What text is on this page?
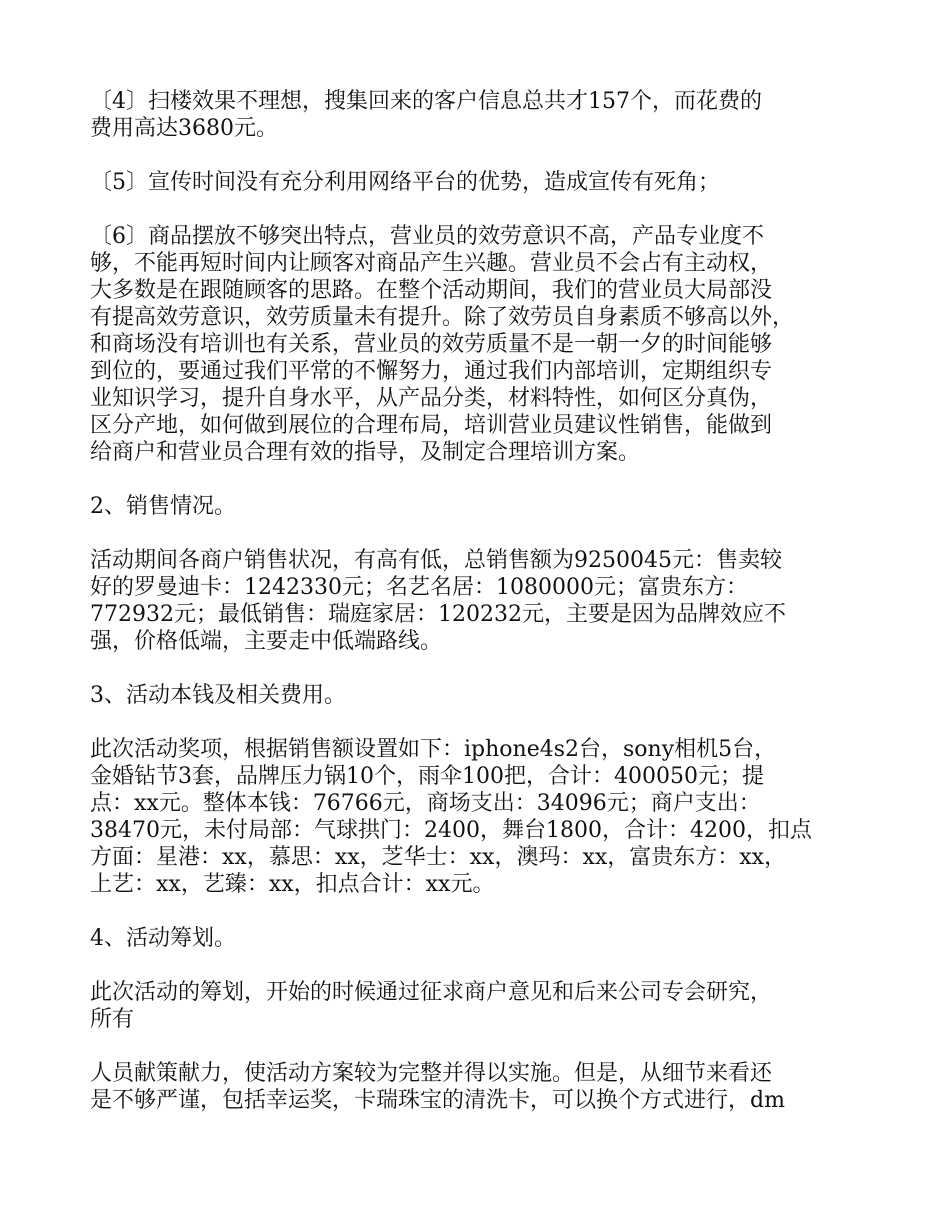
〔4〕扫楼效果不理想，搜集回来的客户信息总共才157个，而花费的
费用高达3680元。

〔5〕宣传时间没有充分利用网络平台的优势，造成宣传有死角；

〔6〕商品摆放不够突出特点，营业员的效劳意识不高，产品专业度不
够，不能再短时间内让顾客对商品产生兴趣。营业员不会占有主动权，
大多数是在跟随顾客的思路。在整个活动期间，我们的营业员大局部没
有提高效劳意识，效劳质量未有提升。除了效劳员自身素质不够高以外，
和商场没有培训也有关系，营业员的效劳质量不是一朝一夕的时间能够
到位的，要通过我们平常的不懈努力，通过我们内部培训，定期组织专
业知识学习，提升自身水平，从产品分类，材料特性，如何区分真伪，
区分产地，如何做到展位的合理布局，培训营业员建议性销售，能做到
给商户和营业员合理有效的指导，及制定合理培训方案。

2、销售情况。

活动期间各商户销售状况，有高有低，总销售额为9250045元：售卖较
好的罗曼迪卡：1242330元；名艺名居：1080000元；富贵东方：
772932元；最低销售：瑞庭家居：120232元，主要是因为品牌效应不
强，价格低端，主要走中低端路线。

3、活动本钱及相关费用。

此次活动奖项，根据销售额设置如下：iphone4s2台，sony相机5台，
金婚钻节3套，品牌压力锅10个，雨伞100把，合计：400050元；提
点：xx元。整体本钱：76766元，商场支出：34096元；商户支出：
38470元，未付局部：气球拱门：2400，舞台1800，合计：4200，扣点
方面：星港：xx，慕思：xx，芝华士：xx，澳玛：xx，富贵东方：xx，
上艺：xx，艺臻：xx，扣点合计：xx元。

4、活动筹划。

此次活动的筹划，开始的时候通过征求商户意见和后来公司专会研究，
所有

人员献策献力，使活动方案较为完整并得以实施。但是，从细节来看还
是不够严谨，包括幸运奖，卡瑞珠宝的清洗卡，可以换个方式进行，dm
